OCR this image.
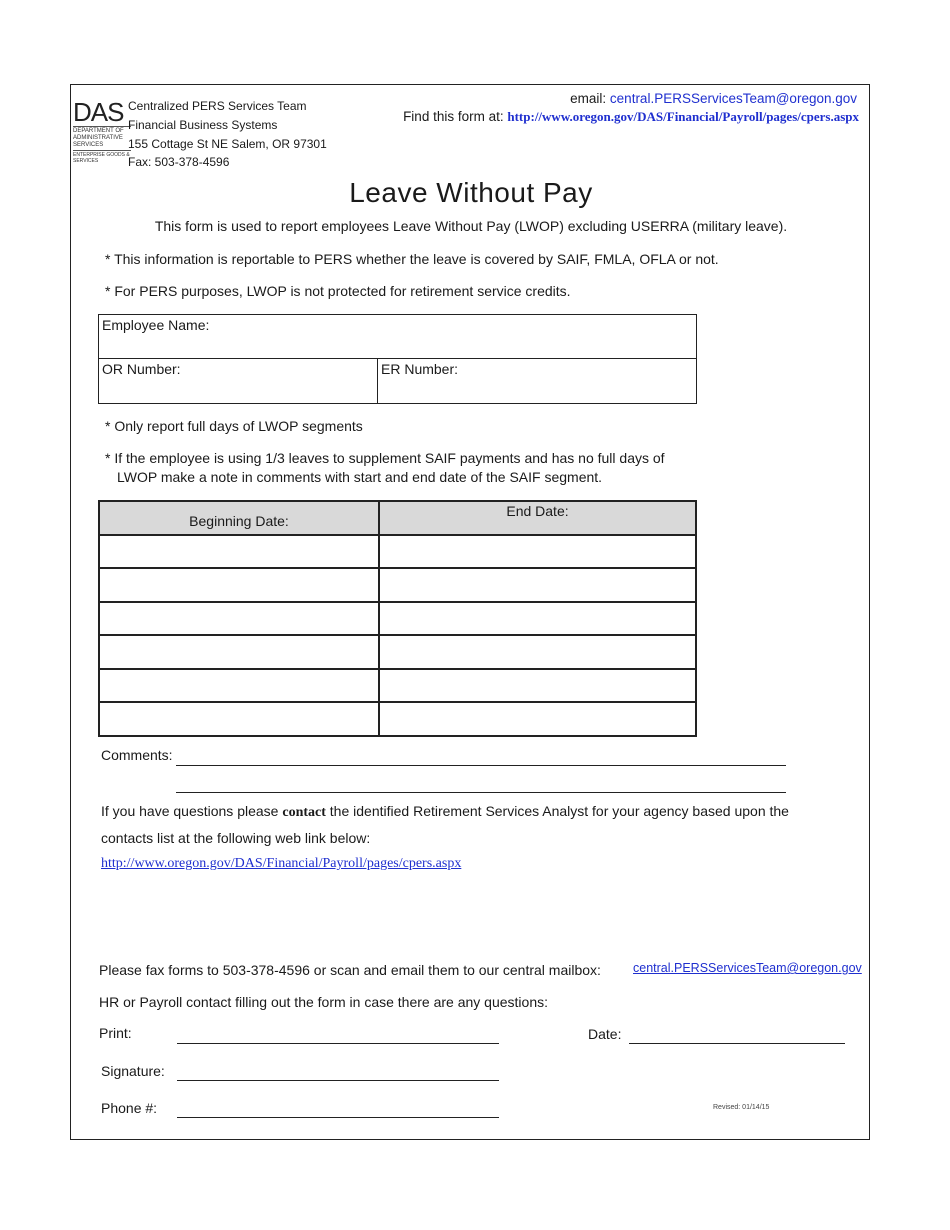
DAS
DEPARTMENT OF ADMINISTRATIVE SERVICES
ENTERPRISE GOODS & SERVICES
Centralized PERS Services Team
Financial Business Systems
155 Cottage St NE Salem, OR 97301
Fax: 503-378-4596
email: central.PERSServicesTeam@oregon.gov
Find this form at: http://www.oregon.gov/DAS/Financial/Payroll/pages/cpers.aspx
Leave Without Pay
This form is used to report employees Leave Without Pay (LWOP) excluding USERRA (military leave).
* This information is reportable to PERS whether the leave is covered by SAIF, FMLA, OFLA or not.
* For PERS purposes, LWOP is not protected for retirement service credits.
Employee Name:
OR Number:	ER Number:
* Only report full days of LWOP segments
* If the employee is using 1/3 leaves to supplement SAIF payments and has no full days of
LWOP make a note in comments with start and end date of the SAIF segment.
Beginning Date:	End Date:

Comments:
If you have questions please contact the identified Retirement Services Analyst for your agency based upon the
contacts list at the following web link below:
http://www.oregon.gov/DAS/Financial/Payroll/pages/cpers.aspx
Please fax forms to 503-378-4596 or scan and email them to our central mailbox:	central.PERSServicesTeam@oregon.gov
HR or Payroll contact filling out the form in case there are any questions:
Print:	Date:
Signature:
Phone #:	Revised: 01/14/15
